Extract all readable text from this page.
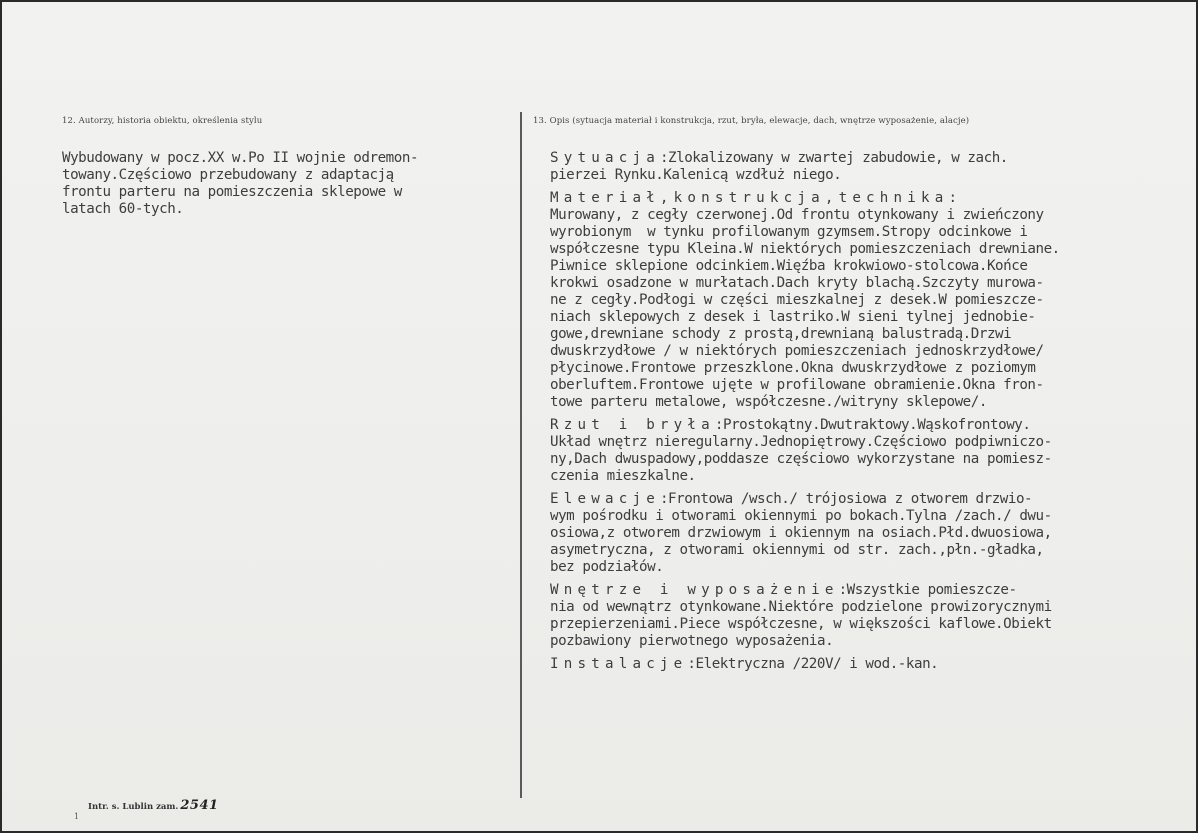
12. Autorzy, historia obiektu, określenia stylu	13. Opis (sytuacja materiał i konstrukcja, rzut, bryła, elewacje, dach, wnętrze wyposażenie, alacje)
Wybudowany w pocz.XX w.Po II wojnie odremon-
towany.Częściowo przebudowany z adaptacją
frontu parteru na pomieszczenia sklepowe w
latach 60-tych.
Sytuacja:Zlokalizowany w zwartej zabudowie, w zach.
pierzei Rynku.Kalenicą wzdłuż niego.
Materiał,konstrukcja,technika:
Murowany, z cegły czerwonej.Od frontu otynkowany i zwieńczony
wyrobionym  w tynku profilowanym gzymsem.Stropy odcinkowe i
współczesne typu Kleina.W niektórych pomieszczeniach drewniane.
Piwnice sklepione odcinkiem.Więźba krokwiowo-stolcowa.Końce
krokwi osadzone w murłatach.Dach kryty blachą.Szczyty murowa-
ne z cegły.Podłogi w części mieszkalnej z desek.W pomieszcze-
niach sklepowych z desek i lastriko.W sieni tylnej jednobie-
gowe,drewniane schody z prostą,drewnianą balustradą.Drzwi
dwuskrzydłowe / w niektórych pomieszczeniach jednoskrzydłowe/
płycinowe.Frontowe przeszklone.Okna dwuskrzydłowe z poziomym
oberluftem.Frontowe ujęte w profilowane obramienie.Okna fron-
towe parteru metalowe, współczesne./witryny sklepowe/.
Rzut i bryła:Prostokątny.Dwutraktowy.Wąskofrontowy.
Układ wnętrz nieregularny.Jednopiętrowy.Częściowo podpiwniczo-
ny,Dach dwuspadowy,poddasze częściowo wykorzystane na pomiesz-
czenia mieszkalne.
Elewacje:Frontowa /wsch./ trójosiowa z otworem drzwio-
wym pośrodku i otworami okiennymi po bokach.Tylna /zach./ dwu-
osiowa,z otworem drzwiowym i okiennym na osiach.Płd.dwuosiowa,
asymetryczna, z otworami okiennymi od str. zach.,płn.-gładka,
bez podziałów.
Wnętrze i wyposażenie:Wszystkie pomieszcze-
nia od wewnątrz otynkowane.Niektóre podzielone prowizorycznymi
przepierzeniami.Piece współczesne, w większości kaflowe.Obiekt
pozbawiony pierwotnego wyposażenia.
Instalacje:Elektryczna /220V/ i wod.-kan.
Intr. s. Lublin zam. 2541
1
